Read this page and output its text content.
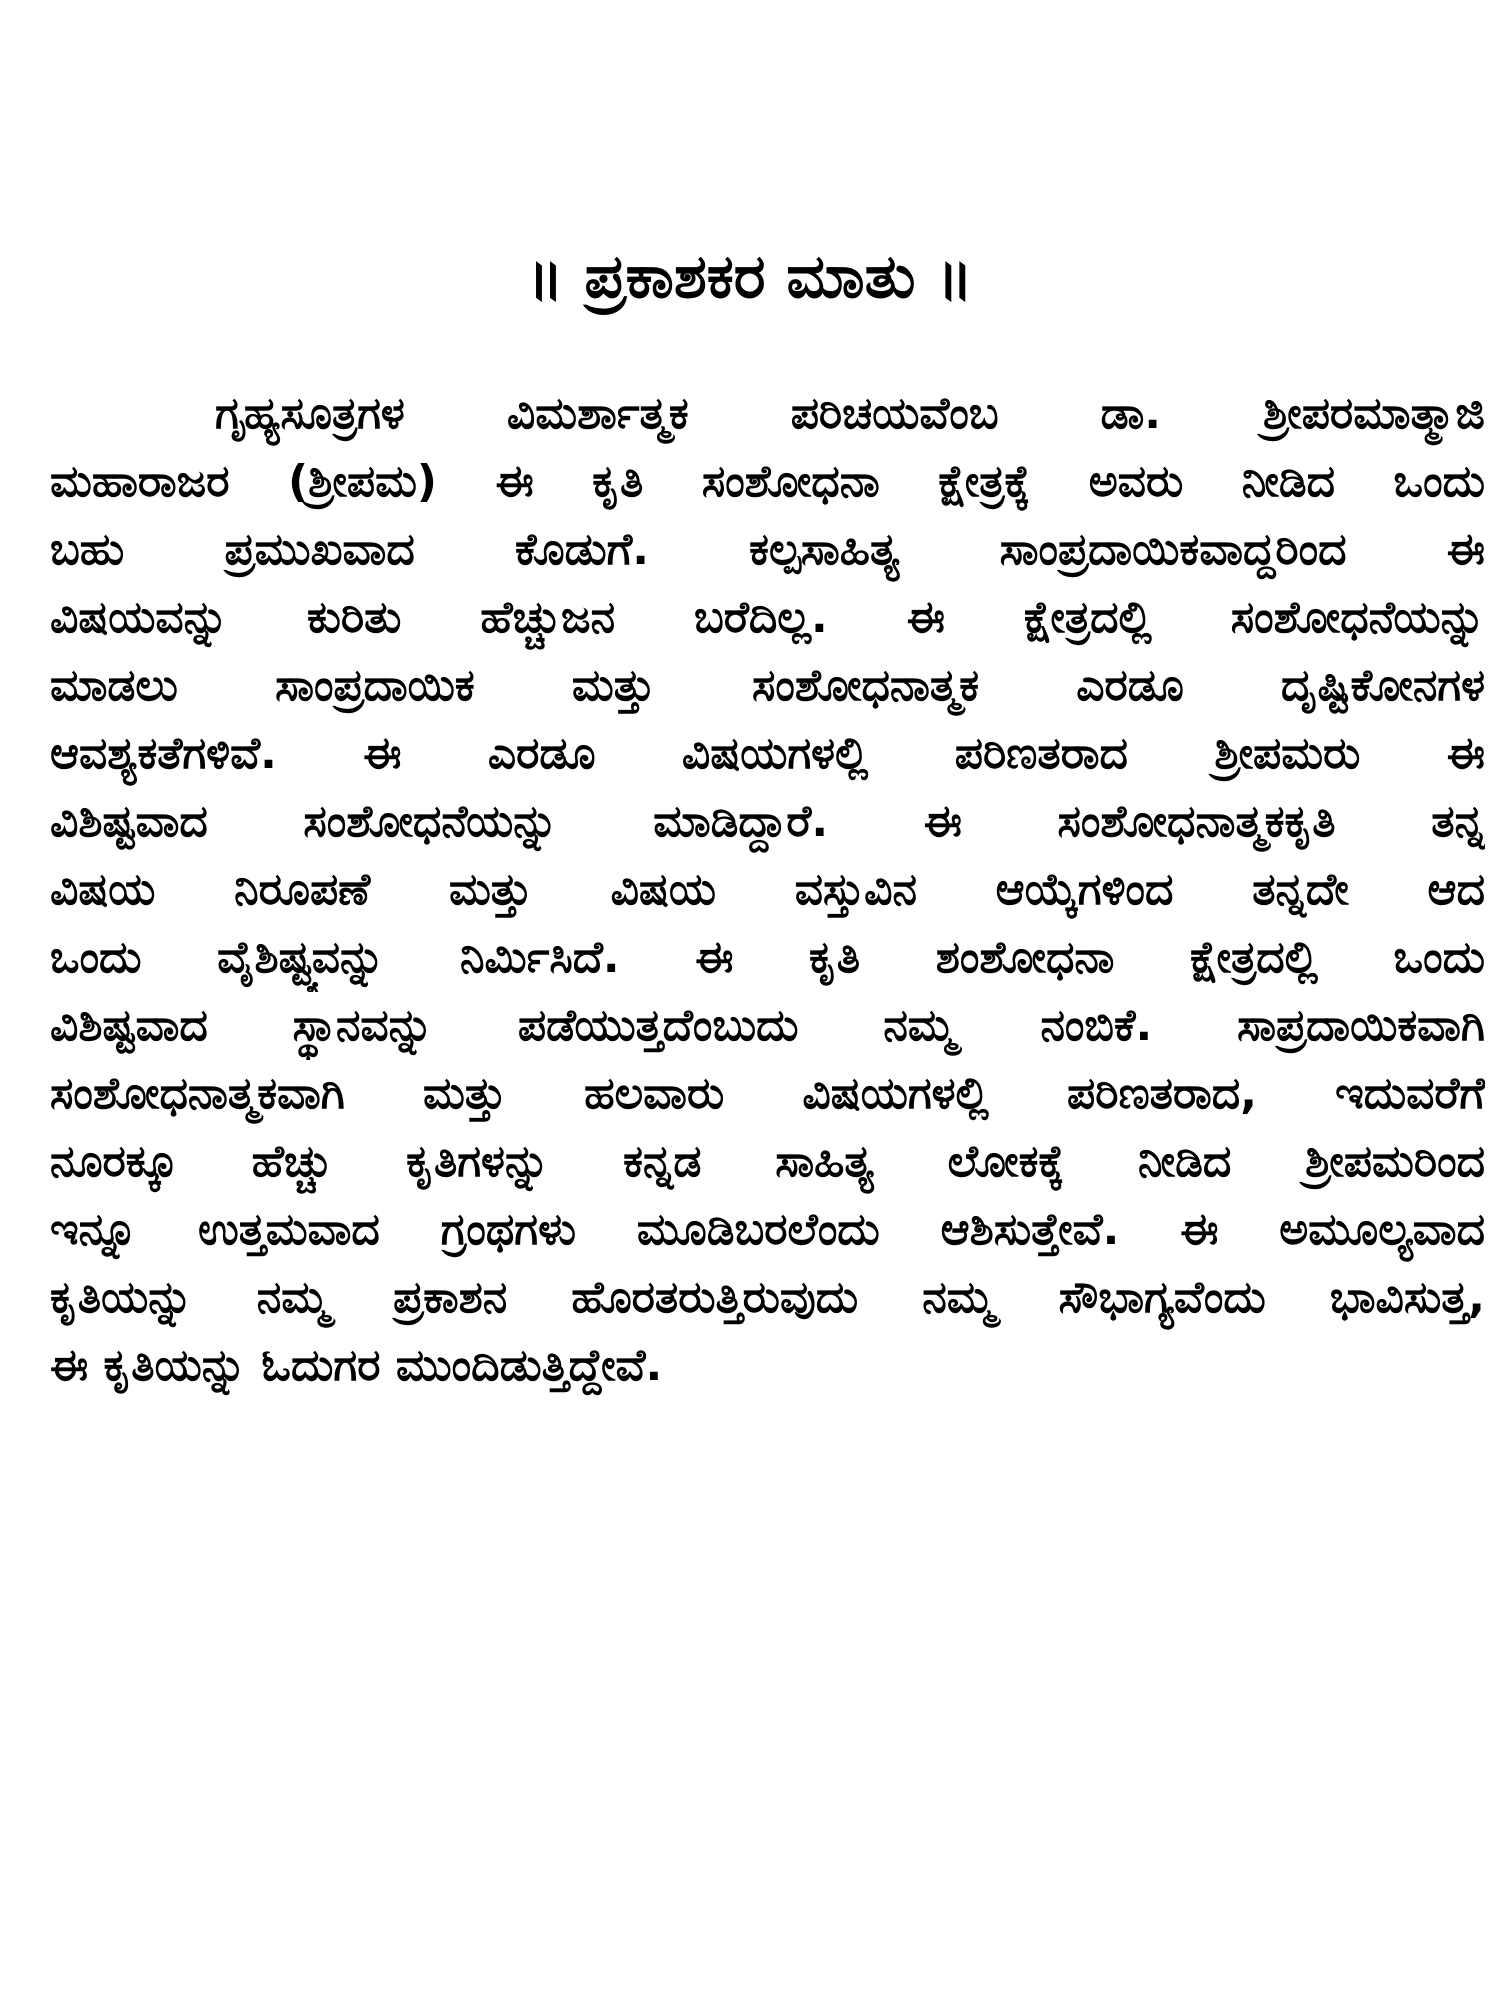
॥ ಪ್ರಕಾಶಕರ ಮಾತು ॥
ಗೃಹ್ಯಸೂತ್ರಗಳ ವಿಮರ್ಶಾತ್ಮಕ ಪರಿಚಯವೆಂಬ ಡಾ. ಶ್ರೀಪರಮಾತ್ಮಾಜಿ
ಮಹಾರಾಜರ (ಶ್ರೀಪಮ) ಈ ಕೃತಿ ಸಂಶೋಧನಾ ಕ್ಷೇತ್ರಕ್ಕೆ ಅವರು ನೀಡಿದ ಒಂದು
ಬಹು ಪ್ರಮುಖವಾದ ಕೊಡುಗೆ. ಕಲ್ಪಸಾಹಿತ್ಯ ಸಾಂಪ್ರದಾಯಿಕವಾದ್ದರಿಂದ ಈ
ವಿಷಯವನ್ನು ಕುರಿತು ಹೆಚ್ಚುಜನ ಬರೆದಿಲ್ಲ. ಈ ಕ್ಷೇತ್ರದಲ್ಲಿ ಸಂಶೋಧನೆಯನ್ನು
ಮಾಡಲು ಸಾಂಪ್ರದಾಯಿಕ ಮತ್ತು ಸಂಶೋಧನಾತ್ಮಕ ಎರಡೂ ದೃಷ್ಟಿಕೋನಗಳ
ಆವಶ್ಯಕತೆಗಳಿವೆ. ಈ ಎರಡೂ ವಿಷಯಗಳಲ್ಲಿ ಪರಿಣತರಾದ ಶ್ರೀಪಮರು ಈ
ವಿಶಿಷ್ಟವಾದ ಸಂಶೋಧನೆಯನ್ನು ಮಾಡಿದ್ದಾರೆ. ಈ ಸಂಶೋಧನಾತ್ಮಕಕೃತಿ ತನ್ನ
ವಿಷಯ ನಿರೂಪಣೆ ಮತ್ತು ವಿಷಯ ವಸ್ತುವಿನ ಆಯ್ಕೆಗಳಿಂದ ತನ್ನದೇ ಆದ
ಒಂದು ವೈಶಿಷ್ಟ್ಯವನ್ನು ನಿರ್ಮಿಸಿದೆ. ಈ ಕೃತಿ ಶಂಶೋಧನಾ ಕ್ಷೇತ್ರದಲ್ಲಿ ಒಂದು
ವಿಶಿಷ್ಟವಾದ ಸ್ಥಾನವನ್ನು ಪಡೆಯುತ್ತದೆಂಬುದು ನಮ್ಮ ನಂಬಿಕೆ. ಸಾಪ್ರದಾಯಿಕವಾಗಿ
ಸಂಶೋಧನಾತ್ಮಕವಾಗಿ ಮತ್ತು ಹಲವಾರು ವಿಷಯಗಳಲ್ಲಿ ಪರಿಣತರಾದ, ಇದುವರೆಗೆ
ನೂರಕ್ಕೂ ಹೆಚ್ಚು ಕೃತಿಗಳನ್ನು ಕನ್ನಡ ಸಾಹಿತ್ಯ ಲೋಕಕ್ಕೆ ನೀಡಿದ ಶ್ರೀಪಮರಿಂದ
ಇನ್ನೂ ಉತ್ತಮವಾದ ಗ್ರಂಥಗಳು ಮೂಡಿಬರಲೆಂದು ಆಶಿಸುತ್ತೇವೆ. ಈ ಅಮೂಲ್ಯವಾದ
ಕೃತಿಯನ್ನು ನಮ್ಮ ಪ್ರಕಾಶನ ಹೊರತರುತ್ತಿರುವುದು ನಮ್ಮ ಸೌಭಾಗ್ಯವೆಂದು ಭಾವಿಸುತ್ತ,
ಈ ಕೃತಿಯನ್ನು ಓದುಗರ ಮುಂದಿಡುತ್ತಿದ್ದೇವೆ.
